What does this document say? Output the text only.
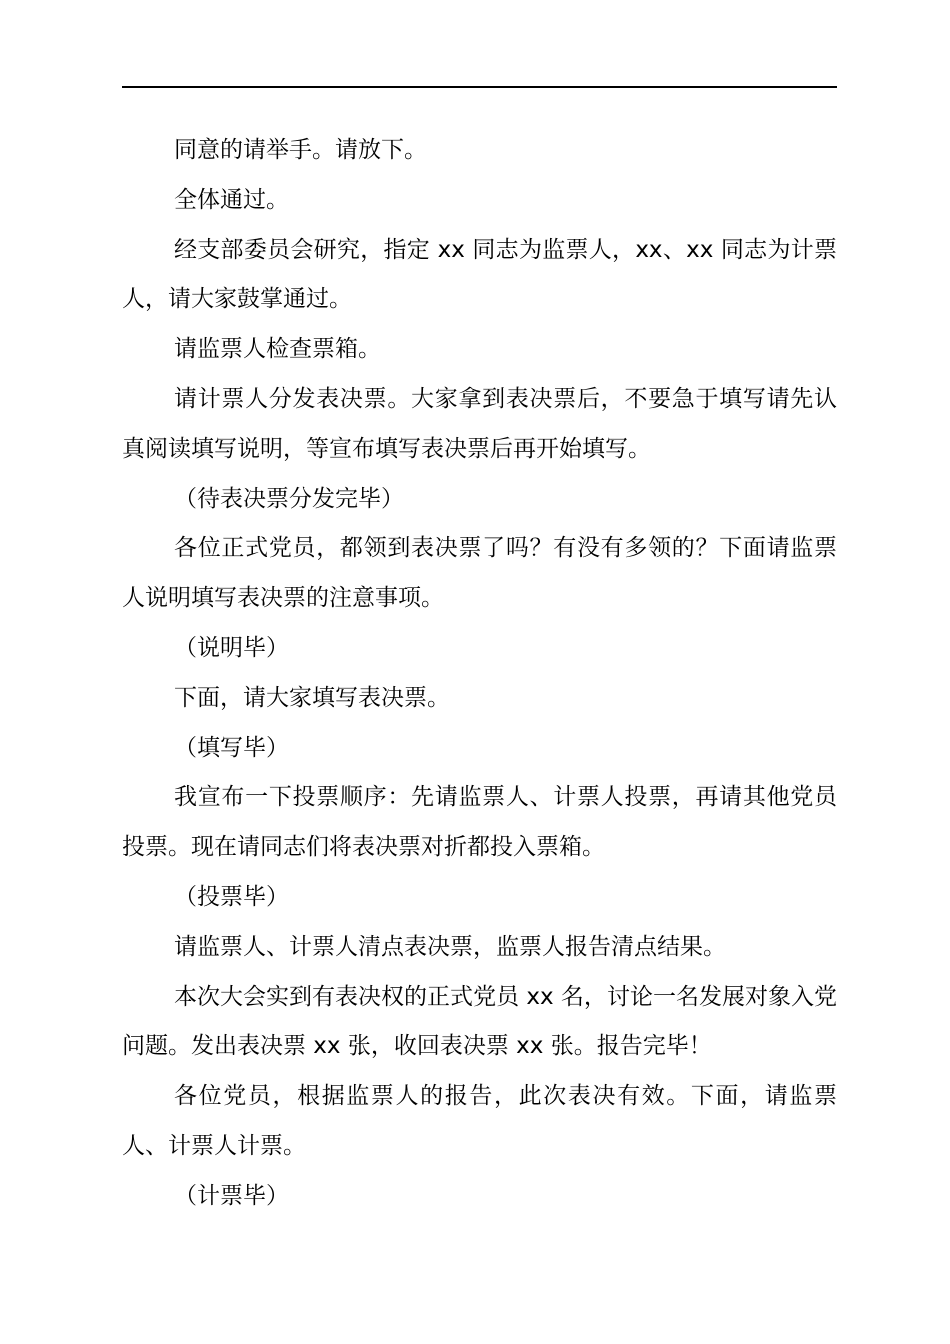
同意的请举手。请放下。

全体通过。

经支部委员会研究，指定 xx 同志为监票人，xx、xx 同志为计票人，请大家鼓掌通过。

请监票人检查票箱。

请计票人分发表决票。大家拿到表决票后，不要急于填写请先认真阅读填写说明，等宣布填写表决票后再开始填写。

（待表决票分发完毕）

各位正式党员，都领到表决票了吗？有没有多领的？下面请监票人说明填写表决票的注意事项。

（说明毕）

下面，请大家填写表决票。

（填写毕）

我宣布一下投票顺序：先请监票人、计票人投票，再请其他党员投票。现在请同志们将表决票对折都投入票箱。

（投票毕）

请监票人、计票人清点表决票，监票人报告清点结果。

本次大会实到有表决权的正式党员 xx 名，讨论一名发展对象入党问题。发出表决票 xx 张，收回表决票 xx 张。报告完毕！

各位党员，根据监票人的报告，此次表决有效。下面，请监票人、计票人计票。

（计票毕）
